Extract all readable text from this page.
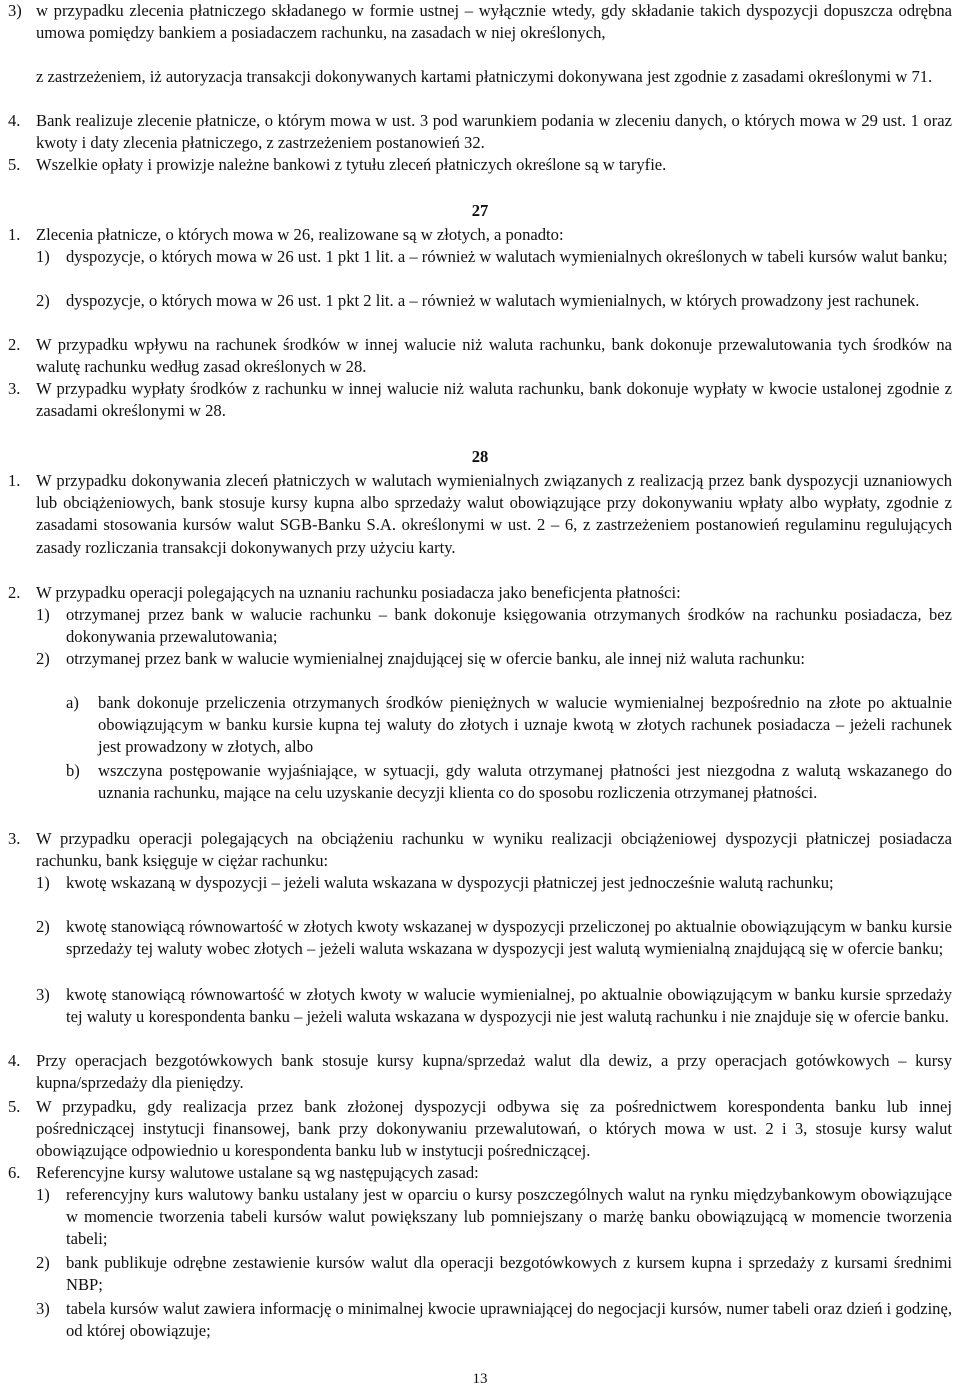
3) w przypadku zlecenia płatniczego składanego w formie ustnej – wyłącznie wtedy, gdy składanie takich dyspozycji dopuszcza odrębna umowa pomiędzy bankiem a posiadaczem rachunku, na zasadach w niej określonych,
z zastrzeżeniem, iż autoryzacja transakcji dokonywanych kartami płatniczymi dokonywana jest zgodnie z zasadami określonymi w 71.
4. Bank realizuje zlecenie płatnicze, o którym mowa w ust. 3 pod warunkiem podania w zleceniu danych, o których mowa w 29 ust. 1 oraz kwoty i daty zlecenia płatniczego, z zastrzeżeniem postanowień 32.
5. Wszelkie opłaty i prowizje należne bankowi z tytułu zleceń płatniczych określone są w taryfie.
27
1. Zlecenia płatnicze, o których mowa w 26, realizowane są w złotych, a ponadto:
1) dyspozycje, o których mowa w 26 ust. 1 pkt 1 lit. a – również w walutach wymienialnych określonych w tabeli kursów walut banku;
2) dyspozycje, o których mowa w 26 ust. 1 pkt 2 lit. a – również w walutach wymienialnych, w których prowadzony jest rachunek.
2. W przypadku wpływu na rachunek środków w innej walucie niż waluta rachunku, bank dokonuje przewalutowania tych środków na walutę rachunku według zasad określonych w 28.
3. W przypadku wypłaty środków z rachunku w innej walucie niż waluta rachunku, bank dokonuje wypłaty w kwocie ustalonej zgodnie z zasadami określonymi w 28.
28
1. W przypadku dokonywania zleceń płatniczych w walutach wymienialnych związanych z realizacją przez bank dyspozycji uznaniowych lub obciążeniowych, bank stosuje kursy kupna albo sprzedaży walut obowiązujące przy dokonywaniu wpłaty albo wypłaty, zgodnie z zasadami stosowania kursów walut SGB-Banku S.A. określonymi w ust. 2 – 6, z zastrzeżeniem postanowień regulaminu regulujących zasady rozliczania transakcji dokonywanych przy użyciu karty.
2. W przypadku operacji polegających na uznaniu rachunku posiadacza jako beneficjenta płatności:
1) otrzymanej przez bank w walucie rachunku – bank dokonuje księgowania otrzymanych środków na rachunku posiadacza, bez dokonywania przewalutowania;
2) otrzymanej przez bank w walucie wymienialnej znajdującej się w ofercie banku, ale innej niż waluta rachunku:
a) bank dokonuje przeliczenia otrzymanych środków pieniężnych w walucie wymienialnej bezpośrednio na złote po aktualnie obowiązującym w banku kursie kupna tej waluty do złotych i uznaje kwotą w złotych rachunek posiadacza – jeżeli rachunek jest prowadzony w złotych, albo
b) wszczyna postępowanie wyjaśniające, w sytuacji, gdy waluta otrzymanej płatności jest niezgodna z walutą wskazanego do uznania rachunku, mające na celu uzyskanie decyzji klienta co do sposobu rozliczenia otrzymanej płatności.
3. W przypadku operacji polegających na obciążeniu rachunku w wyniku realizacji obciążeniowej dyspozycji płatniczej posiadacza rachunku, bank księguje w ciężar rachunku:
1) kwotę wskazaną w dyspozycji – jeżeli waluta wskazana w dyspozycji płatniczej jest jednocześnie walutą rachunku;
2) kwotę stanowiącą równowartość w złotych kwoty wskazanej w dyspozycji przeliczonej po aktualnie obowiązującym w banku kursie sprzedaży tej waluty wobec złotych – jeżeli waluta wskazana w dyspozycji jest walutą wymienialną znajdującą się w ofercie banku;
3) kwotę stanowiącą równowartość w złotych kwoty w walucie wymienialnej, po aktualnie obowiązującym w banku kursie sprzedaży tej waluty u korespondenta banku – jeżeli waluta wskazana w dyspozycji nie jest walutą rachunku i nie znajduje się w ofercie banku.
4. Przy operacjach bezgotówkowych bank stosuje kursy kupna/sprzedaż walut dla dewiz, a przy operacjach gotówkowych – kursy kupna/sprzedaży dla pieniędzy.
5. W przypadku, gdy realizacja przez bank złożonej dyspozycji odbywa się za pośrednictwem korespondenta banku lub innej pośredniczącej instytucji finansowej, bank przy dokonywaniu przewalutowań, o których mowa w ust. 2 i 3, stosuje kursy walut obowiązujące odpowiednio u korespondenta banku lub w instytucji pośredniczącej.
6. Referencyjne kursy walutowe ustalane są wg następujących zasad:
1) referencyjny kurs walutowy banku ustalany jest w oparciu o kursy poszczególnych walut na rynku międzybankowym obowiązujące w momencie tworzenia tabeli kursów walut powiększany lub pomniejszany o marżę banku obowiązującą w momencie tworzenia tabeli;
2) bank publikuje odrębne zestawienie kursów walut dla operacji bezgotówkowych z kursem kupna i sprzedaży z kursami średnimi NBP;
3) tabela kursów walut zawiera informację o minimalnej kwocie uprawniającej do negocjacji kursów, numer tabeli oraz dzień i godzinę, od której obowiązuje;
13
